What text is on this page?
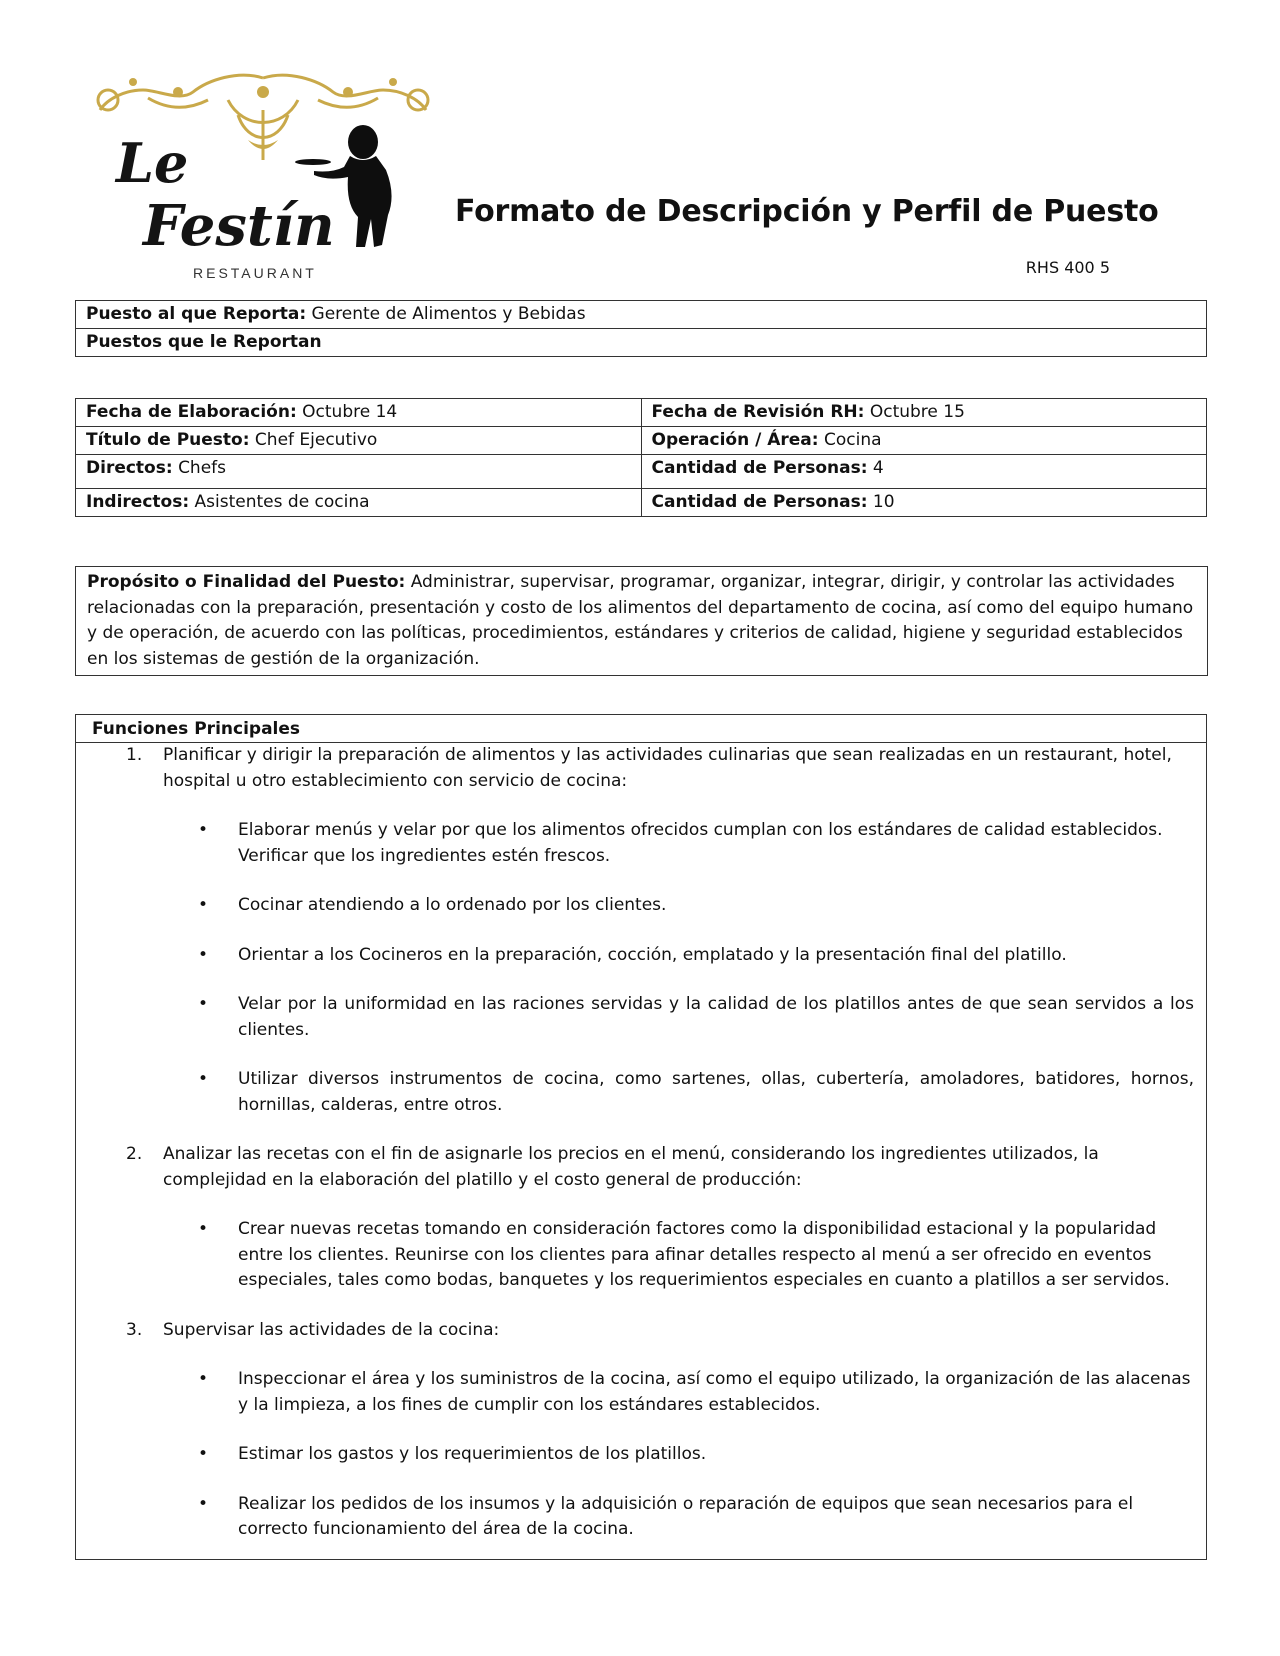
Le
Festín
RESTAURANT
Formato de Descripción y Perfil de Puesto
RHS 400 5
Puesto al que Reporta: Gerente de Alimentos y Bebidas
Puestos que le Reportan
Fecha de Elaboración: Octubre 14	Fecha de Revisión RH: Octubre 15
Título de Puesto: Chef Ejecutivo	Operación / Área: Cocina
Directos: Chefs	Cantidad de Personas: 4
Indirectos: Asistentes de cocina	Cantidad de Personas: 10
Propósito o Finalidad del Puesto: Administrar, supervisar, programar, organizar, integrar, dirigir, y controlar las actividades relacionadas con la preparación, presentación y costo de los alimentos del departamento de cocina, así como del equipo humano y de operación, de acuerdo con las políticas, procedimientos, estándares y criterios de calidad, higiene y seguridad establecidos en los sistemas de gestión de la organización.
Funciones Principales
1. Planificar y dirigir la preparación de alimentos y las actividades culinarias que sean realizadas en un restaurant, hotel, hospital u otro establecimiento con servicio de cocina:
• Elaborar menús y velar por que los alimentos ofrecidos cumplan con los estándares de calidad establecidos. Verificar que los ingredientes estén frescos.
• Cocinar atendiendo a lo ordenado por los clientes.
• Orientar a los Cocineros en la preparación, cocción, emplatado y la presentación final del platillo.
• Velar por la uniformidad en las raciones servidas y la calidad de los platillos antes de que sean servidos a los clientes.
• Utilizar diversos instrumentos de cocina, como sartenes, ollas, cubertería, amoladores, batidores, hornos, hornillas, calderas, entre otros.
2. Analizar las recetas con el fin de asignarle los precios en el menú, considerando los ingredientes utilizados, la complejidad en la elaboración del platillo y el costo general de producción:
• Crear nuevas recetas tomando en consideración factores como la disponibilidad estacional y la popularidad entre los clientes. Reunirse con los clientes para afinar detalles respecto al menú a ser ofrecido en eventos especiales, tales como bodas, banquetes y los requerimientos especiales en cuanto a platillos a ser servidos.
3. Supervisar las actividades de la cocina:
• Inspeccionar el área y los suministros de la cocina, así como el equipo utilizado, la organización de las alacenas y la limpieza, a los fines de cumplir con los estándares establecidos.
• Estimar los gastos y los requerimientos de los platillos.
• Realizar los pedidos de los insumos y la adquisición o reparación de equipos que sean necesarios para el correcto funcionamiento del área de la cocina.
